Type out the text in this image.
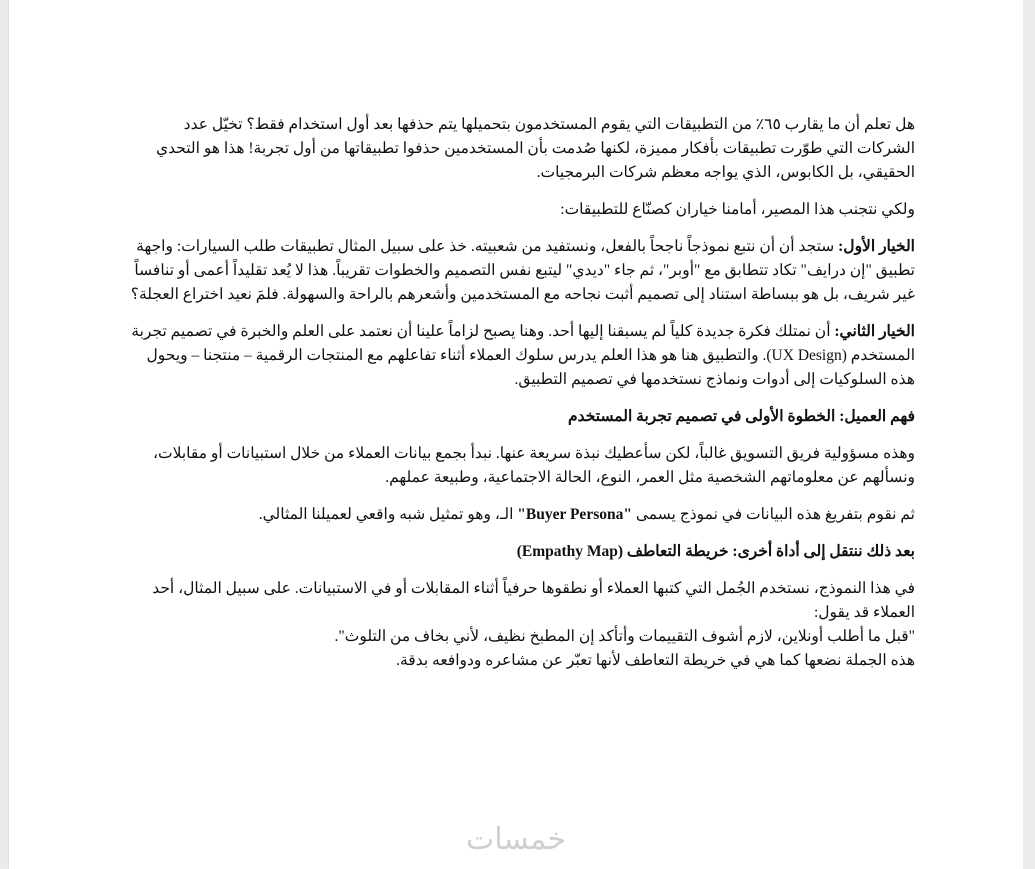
هل تعلم أن ما يقارب ٦٥٪ من التطبيقات التي يقوم المستخدمون بتحميلها يتم حذفها بعد أول استخدام فقط؟ تخيّل عدد الشركات التي طوّرت تطبيقات بأفكار مميزة، لكنها صُدمت بأن المستخدمين حذفوا تطبيقاتها من أول تجربة! هذا هو التحدي الحقيقي، بل الكابوس، الذي يواجه معظم شركات البرمجيات.

ولكي نتجنب هذا المصير، أمامنا خياران كصنّاع للتطبيقات:

الخيار الأول: ستجد أن أن نتبع نموذجاً ناجحاً بالفعل، ونستفيد من شعبيته. خذ على سبيل المثال تطبيقات طلب السيارات: واجهة تطبيق "إن درايف" تكاد تتطابق مع "أوبر"، ثم جاء "ديدي" ليتبع نفس التصميم والخطوات تقريباً. هذا لا يُعد تقليداً أعمى أو تنافساً غير شريف، بل هو ببساطة استناد إلى تصميم أثبت نجاحه مع المستخدمين وأشعرهم بالراحة والسهولة. فلمَ نعيد اختراع العجلة؟

الخيار الثاني: أن نمتلك فكرة جديدة كلياً لم يسبقنا إليها أحد. وهنا يصبح لزاماً علينا أن نعتمد على العلم والخبرة في تصميم تجربة المستخدم (UX Design). والتطبيق هنا هو هذا العلم يدرس سلوك العملاء أثناء تفاعلهم مع المنتجات الرقمية – منتجنا – ويحول هذه السلوكيات إلى أدوات ونماذج نستخدمها في تصميم التطبيق.

فهم العميل: الخطوة الأولى في تصميم تجربة المستخدم

وهذه مسؤولية فريق التسويق غالباً، لكن سأعطيك نبذة سريعة عنها. نبدأ بجمع بيانات العملاء من خلال استبيانات أو مقابلات، ونسألهم عن معلوماتهم الشخصية مثل العمر، النوع، الحالة الاجتماعية، وطبيعة عملهم.

ثم نقوم بتفريغ هذه البيانات في نموذج يسمى "Buyer Persona" الـ، وهو تمثيل شبه واقعي لعميلنا المثالي.

بعد ذلك ننتقل إلى أداة أخرى: خريطة التعاطف (Empathy Map)

في هذا النموذج، نستخدم الجُمل التي كتبها العملاء أو نطقوها حرفياً أثناء المقابلات أو في الاستبيانات. على سبيل المثال، أحد العملاء قد يقول:

"قبل ما أطلب أونلاين، لازم أشوف التقييمات وأتأكد إن المطبخ نظيف، لأني بخاف من التلوث".

هذه الجملة نضعها كما هي في خريطة التعاطف لأنها تعبّر عن مشاعره ودوافعه بدقة.

خمسات
